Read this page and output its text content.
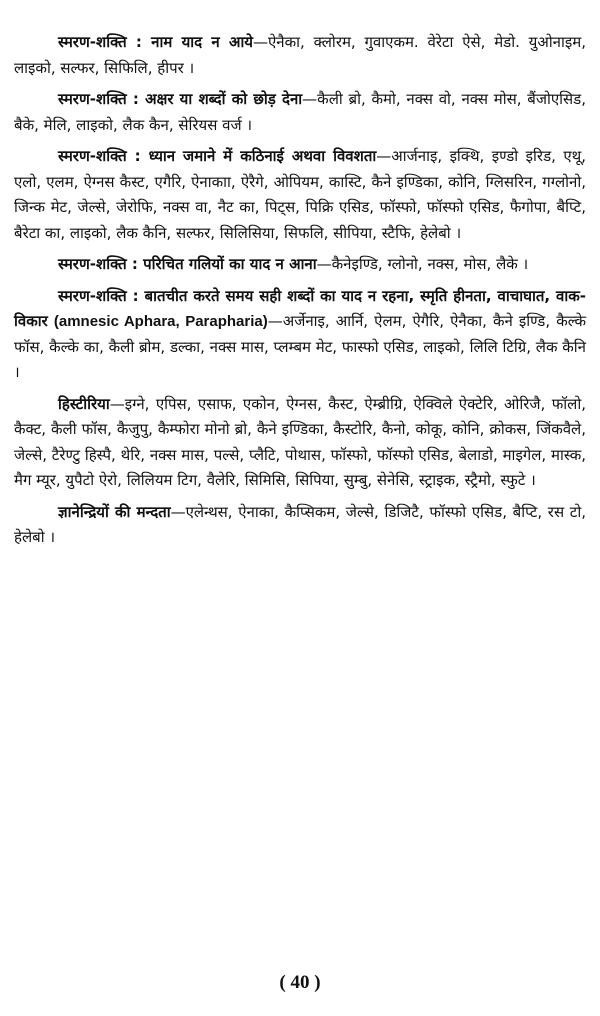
स्मरण-शक्ति : नाम याद न आये—ऐनैका, क्लोरम, गुवाएकम. वेरेटा ऐसे, मेडो. युओनाइम, लाइको, सल्फर, सिफिलि, हीपर ।

स्मरण-शक्ति : अक्षर या शब्दों को छोड़ देना—कैली ब्रो, कैमो, नक्स वो, नक्स मोस, बैंजोएसिड, बैके, मेलि, लाइको, लैक कैन, सेरियस वर्ज ।

स्मरण-शक्ति : ध्यान जमाने में कठिनाई अथवा विवशता—आर्जनाइ, इक्थि, इण्डो इरिड, एथू, एलो, एलम, ऐग्नस कैस्ट, एगैरि, ऐनाकाा, ऐरैगे, ओपियम, कास्टि, कैने इण्डिका, कोनि, ग्लिसरिन, गग्लोनो, जिन्क मेट, जेल्से, जेरोफि, नक्स वा, नैट का, पिट्स, पिक्रि एसिड, फॉस्फो, फॉस्फो एसिड, फैगोपा, बैप्टि, बैरेटा का, लाइको, लैक कैनि, सल्फर, सिलिसिया, सिफलि, सीपिया, स्टैफि, हेलेबो ।

स्मरण-शक्ति : परिचित गलियों का याद न आना—कैनेइण्डि, ग्लोनो, नक्स, मोस, लैके ।

स्मरण-शक्ति : बातचीत करते समय सही शब्दों का याद न रहना, स्मृति हीनता, वाचाघात, वाक-विकार (amnesic Aphara, Parapharia)—अर्जेनाइ, आर्नि, ऐलम, ऐगैरि, ऐनैका, कैने इण्डि, कैल्के फॉस, कैल्के का, कैली ब्रोम, डल्का, नक्स मास, प्लम्बम मेट, फास्फो एसिड, लाइको, लिलि टिग्रि, लैक कैनि ।

हिस्टीरिया—इग्ने, एपिस, एसाफ, एकोन, ऐग्नस, कैस्ट, ऐम्ब्रीग्रि, ऐक्विले ऐक्टेरि, ओरिजै, फॉलो, कैक्ट, कैली फॉस, कैजुपु, कैम्फोरा मोनो ब्रो, कैने इण्डिका, कैस्टोरि, कैनो, कोकू, कोनि, क्रोकस, जिंकवैले, जेल्से, टैरेण्टु हिस्पै, थेरि, नक्स मास, पल्से, प्लैटि, पोथास, फॉस्फो, फॉस्फो एसिड, बेलाडो, माइगेल, मास्क, मैग म्यूर, युपैटो ऐरो, लिलियम टिग, वैलेरि, सिमिसि, सिपिया, सुम्बु, सेनेसि, स्ट्राइक, स्ट्रैमो, स्फुटे ।

ज्ञानेन्द्रियों की मन्दता—एलेन्थस, ऐनाका, कैप्सिकम, जेल्से, डिजिटै, फॉस्फो एसिड, बैप्टि, रस टो, हेलेबो ।

( 40 )
